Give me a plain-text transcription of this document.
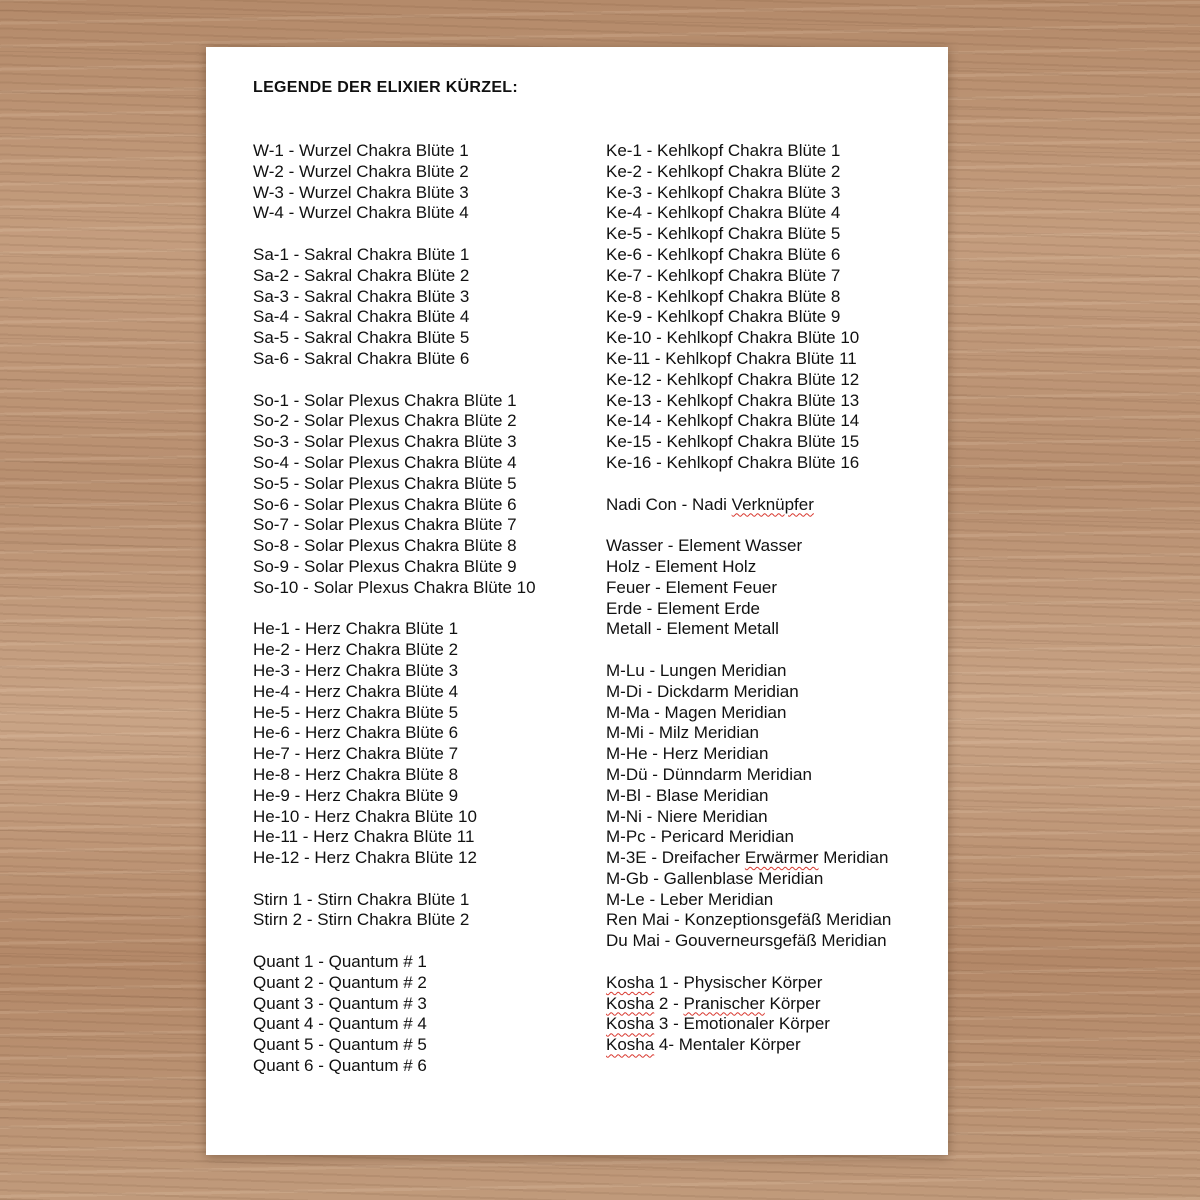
LEGENDE DER ELIXIER KÜRZEL:
W-1 - Wurzel Chakra Blüte 1
W-2 - Wurzel Chakra Blüte 2
W-3 - Wurzel Chakra Blüte 3
W-4 - Wurzel Chakra Blüte 4
Sa-1 - Sakral Chakra Blüte 1
Sa-2 - Sakral Chakra Blüte 2
Sa-3 - Sakral Chakra Blüte 3
Sa-4 - Sakral Chakra Blüte 4
Sa-5 - Sakral Chakra Blüte 5
Sa-6 - Sakral Chakra Blüte 6
So-1 - Solar Plexus Chakra Blüte 1
So-2 - Solar Plexus Chakra Blüte 2
So-3 - Solar Plexus Chakra Blüte 3
So-4 - Solar Plexus Chakra Blüte 4
So-5 - Solar Plexus Chakra Blüte 5
So-6 - Solar Plexus Chakra Blüte 6
So-7 - Solar Plexus Chakra Blüte 7
So-8 - Solar Plexus Chakra Blüte 8
So-9 - Solar Plexus Chakra Blüte 9
So-10 - Solar Plexus Chakra Blüte 10
He-1 - Herz Chakra Blüte 1
He-2 - Herz Chakra Blüte 2
He-3 - Herz Chakra Blüte 3
He-4 - Herz Chakra Blüte 4
He-5 - Herz Chakra Blüte 5
He-6 - Herz Chakra Blüte 6
He-7 - Herz Chakra Blüte 7
He-8 - Herz Chakra Blüte 8
He-9 - Herz Chakra Blüte 9
He-10 - Herz Chakra Blüte 10
He-11 - Herz Chakra Blüte 11
He-12 - Herz Chakra Blüte 12
Stirn 1 - Stirn Chakra Blüte 1
Stirn 2 - Stirn Chakra Blüte 2
Quant 1 - Quantum # 1
Quant 2 - Quantum # 2
Quant 3 - Quantum # 3
Quant 4 - Quantum # 4
Quant 5 - Quantum # 5
Quant 6 - Quantum # 6
Ke-1 - Kehlkopf Chakra Blüte 1
Ke-2 - Kehlkopf Chakra Blüte 2
Ke-3 - Kehlkopf Chakra Blüte 3
Ke-4 - Kehlkopf Chakra Blüte 4
Ke-5 - Kehlkopf Chakra Blüte 5
Ke-6 - Kehlkopf Chakra Blüte 6
Ke-7 - Kehlkopf Chakra Blüte 7
Ke-8 - Kehlkopf Chakra Blüte 8
Ke-9 - Kehlkopf Chakra Blüte 9
Ke-10 - Kehlkopf Chakra Blüte 10
Ke-11 - Kehlkopf Chakra Blüte 11
Ke-12 - Kehlkopf Chakra Blüte 12
Ke-13 - Kehlkopf Chakra Blüte 13
Ke-14 - Kehlkopf Chakra Blüte 14
Ke-15 - Kehlkopf Chakra Blüte 15
Ke-16 - Kehlkopf Chakra Blüte 16
Nadi Con - Nadi Verknüpfer
Wasser - Element Wasser
Holz - Element Holz
Feuer - Element Feuer
Erde - Element Erde
Metall - Element Metall
M-Lu - Lungen Meridian
M-Di - Dickdarm Meridian
M-Ma - Magen Meridian
M-Mi - Milz Meridian
M-He - Herz Meridian
M-Dü - Dünndarm Meridian
M-Bl - Blase Meridian
M-Ni - Niere Meridian
M-Pc - Pericard Meridian
M-3E - Dreifacher Erwärmer Meridian
M-Gb - Gallenblase Meridian
M-Le - Leber Meridian
Ren Mai - Konzeptionsgefäß Meridian
Du Mai - Gouverneursgefäß Meridian
Kosha 1 - Physischer Körper
Kosha 2 - Pranischer Körper
Kosha 3 - Emotionaler Körper
Kosha 4- Mentaler Körper
